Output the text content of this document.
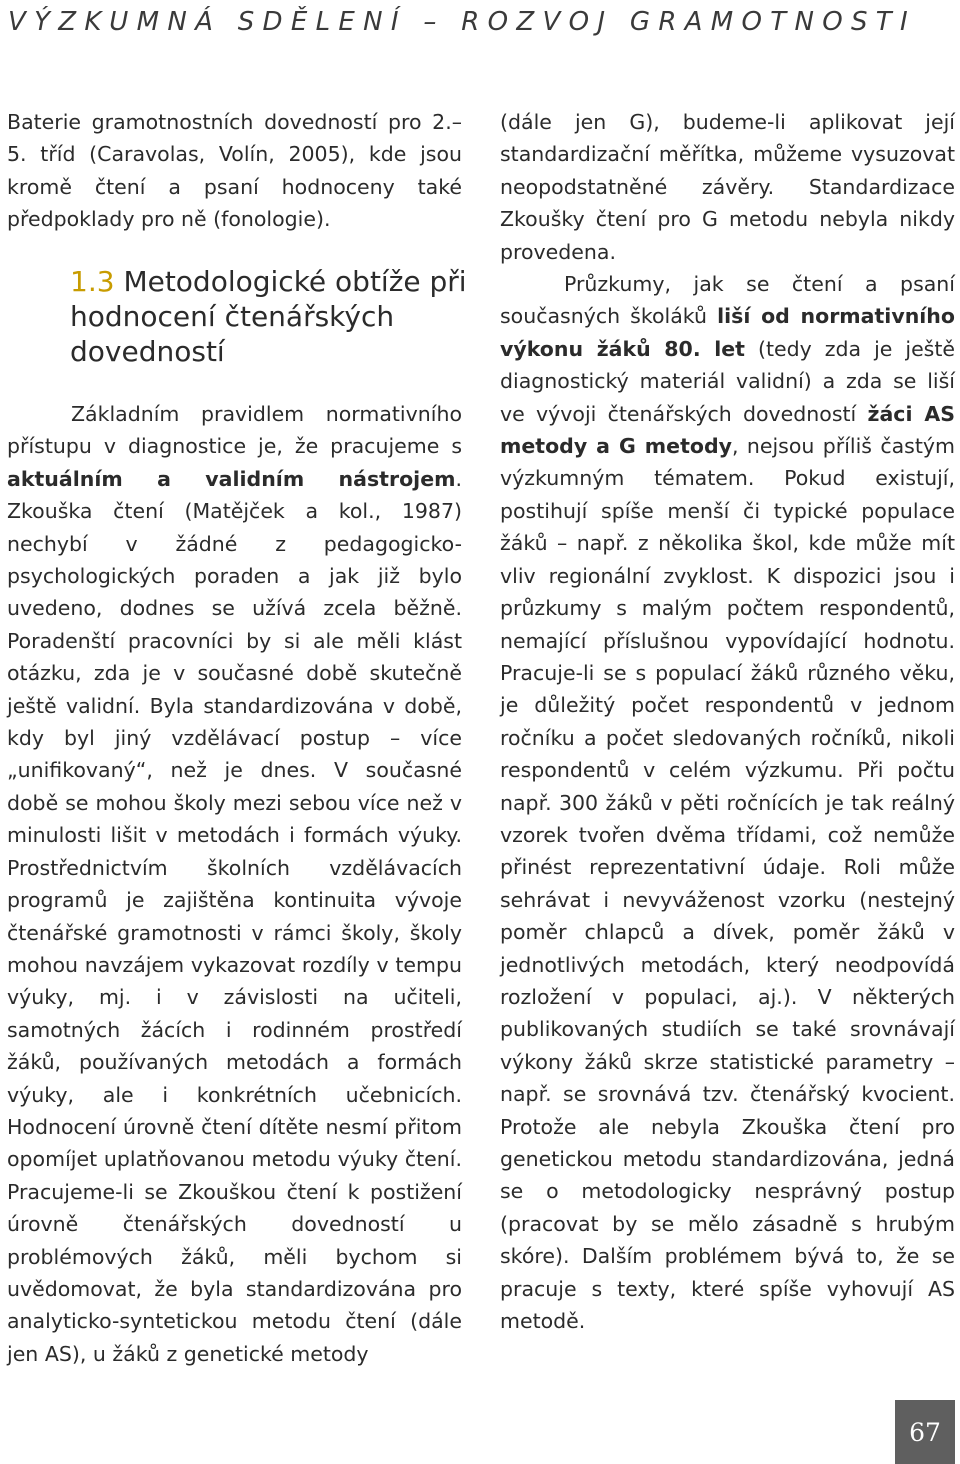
VÝZKUMNÁ SDĚLENÍ – ROZVOJ GRAMOTNOSTI

Baterie gramotnostních dovedností pro 2.–5. tříd (Caravolas, Volín, 2005), kde jsou kromě čtení a psaní hodnoceny také předpoklady pro ně (fonologie).

1.3 Metodologické obtíže při hodnocení čtenářských dovedností

Základním pravidlem normativního přístupu v diagnostice je, že pracujeme s aktuálním a validním nástrojem. Zkouška čtení (Matějček a kol., 1987) nechybí v žádné z pedagogicko-psychologických poraden a jak již bylo uvedeno, dodnes se užívá zcela běžně. Poradenští pracovníci by si ale měli klást otázku, zda je v současné době skutečně ještě validní. Byla standardizována v době, kdy byl jiný vzdělávací postup – více „unifikovaný“, než je dnes. V současné době se mohou školy mezi sebou více než v minulosti lišit v metodách i formách výuky. Prostřednictvím školních vzdělávacích programů je zajištěna kontinuita vývoje čtenářské gramotnosti v rámci školy, školy mohou navzájem vykazovat rozdíly v tempu výuky, mj. i v závislosti na učiteli, samotných žácích i rodinném prostředí žáků, používaných metodách a formách výuky, ale i konkrétních učebnicích. Hodnocení úrovně čtení dítěte nesmí přitom opomíjet uplatňovanou metodu výuky čtení. Pracujeme-li se Zkouškou čtení k postižení úrovně čtenářských dovedností u problémových žáků, měli bychom si uvědomovat, že byla standardizována pro analyticko-syntetickou metodu čtení (dále jen AS), u žáků z genetické metody

(dále jen G), budeme-li aplikovat její standardizační měřítka, můžeme vysuzovat neopodstatněné závěry. Standardizace Zkoušky čtení pro G metodu nebyla nikdy provedena.

Průzkumy, jak se čtení a psaní současných školáků liší od normativního výkonu žáků 80. let (tedy zda je ještě diagnostický materiál validní) a zda se liší ve vývoji čtenářských dovedností žáci AS metody a G metody, nejsou příliš častým výzkumným tématem. Pokud existují, postihují spíše menší či typické populace žáků – např. z několika škol, kde může mít vliv regionální zvyklost. K dispozici jsou i průzkumy s malým počtem respondentů, nemající příslušnou vypovídající hodnotu. Pracuje-li se s populací žáků různého věku, je důležitý počet respondentů v jednom ročníku a počet sledovaných ročníků, nikoli respondentů v celém výzkumu. Při počtu např. 300 žáků v pěti ročnících je tak reálný vzorek tvořen dvěma třídami, což nemůže přinést reprezentativní údaje. Roli může sehrávat i nevyváženost vzorku (nestejný poměr chlapců a dívek, poměr žáků v jednotlivých metodách, který neodpovídá rozložení v populaci, aj.). V některých publikovaných studiích se také srovnávají výkony žáků skrze statistické parametry – např. se srovnává tzv. čtenářský kvocient. Protože ale nebyla Zkouška čtení pro genetickou metodu standardizována, jedná se o metodologicky nesprávný postup (pracovat by se mělo zásadně s hrubým skóre). Dalším problémem bývá to, že se pracuje s texty, které spíše vyhovují AS metodě.

67
